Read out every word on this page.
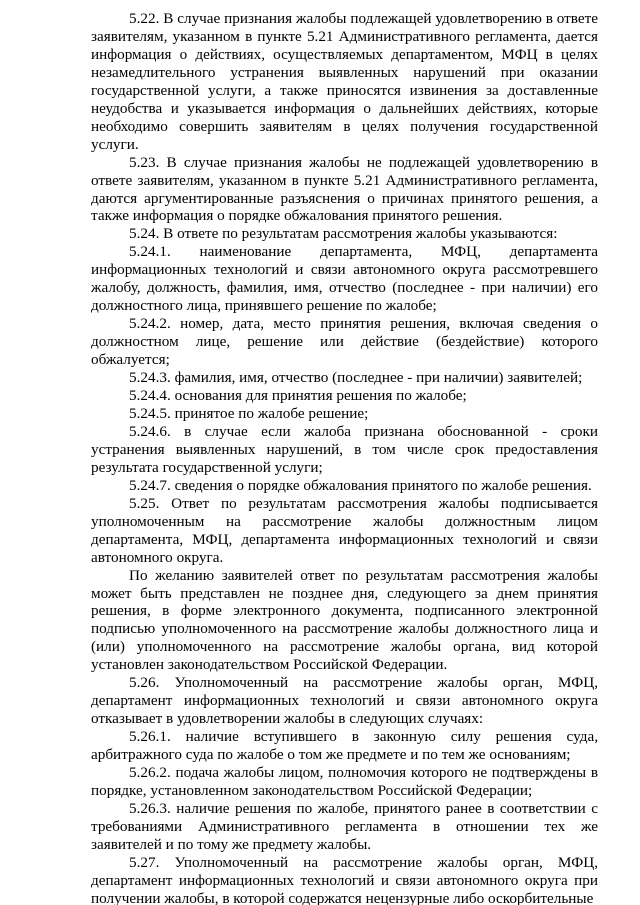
5.22. В случае признания жалобы подлежащей удовлетворению в ответе заявителям, указанном в пункте 5.21 Административного регламента, дается информация о действиях, осуществляемых департаментом, МФЦ в целях незамедлительного устранения выявленных нарушений при оказании государственной услуги, а также приносятся извинения за доставленные неудобства и указывается информация о дальнейших действиях, которые необходимо совершить заявителям в целях получения государственной услуги.

5.23. В случае признания жалобы не подлежащей удовлетворению в ответе заявителям, указанном в пункте 5.21 Административного регламента, даются аргументированные разъяснения о причинах принятого решения, а также информация о порядке обжалования принятого решения.

5.24. В ответе по результатам рассмотрения жалобы указываются:

5.24.1. наименование департамента, МФЦ, департамента информационных технологий и связи автономного округа рассмотревшего жалобу, должность, фамилия, имя, отчество (последнее - при наличии) его должностного лица, принявшего решение по жалобе;

5.24.2. номер, дата, место принятия решения, включая сведения о должностном лице, решение или действие (бездействие) которого обжалуется;

5.24.3. фамилия, имя, отчество (последнее - при наличии) заявителей;

5.24.4. основания для принятия решения по жалобе;

5.24.5. принятое по жалобе решение;

5.24.6. в случае если жалоба признана обоснованной - сроки устранения выявленных нарушений, в том числе срок предоставления результата государственной услуги;

5.24.7. сведения о порядке обжалования принятого по жалобе решения.

5.25. Ответ по результатам рассмотрения жалобы подписывается уполномоченным на рассмотрение жалобы должностным лицом департамента, МФЦ, департамента информационных технологий и связи автономного округа.

По желанию заявителей ответ по результатам рассмотрения жалобы может быть представлен не позднее дня, следующего за днем принятия решения, в форме электронного документа, подписанного электронной подписью уполномоченного на рассмотрение жалобы должностного лица и (или) уполномоченного на рассмотрение жалобы органа, вид которой установлен законодательством Российской Федерации.

5.26. Уполномоченный на рассмотрение жалобы орган, МФЦ, департамент информационных технологий и связи автономного округа отказывает в удовлетворении жалобы в следующих случаях:

5.26.1. наличие вступившего в законную силу решения суда, арбитражного суда по жалобе о том же предмете и по тем же основаниям;

5.26.2. подача жалобы лицом, полномочия которого не подтверждены в порядке, установленном законодательством Российской Федерации;

5.26.3. наличие решения по жалобе, принятого ранее в соответствии с требованиями Административного регламента в отношении тех же заявителей и по тому же предмету жалобы.

5.27. Уполномоченный на рассмотрение жалобы орган, МФЦ, департамент информационных технологий и связи автономного округа при получении жалобы, в которой содержатся нецензурные либо оскорбительные
